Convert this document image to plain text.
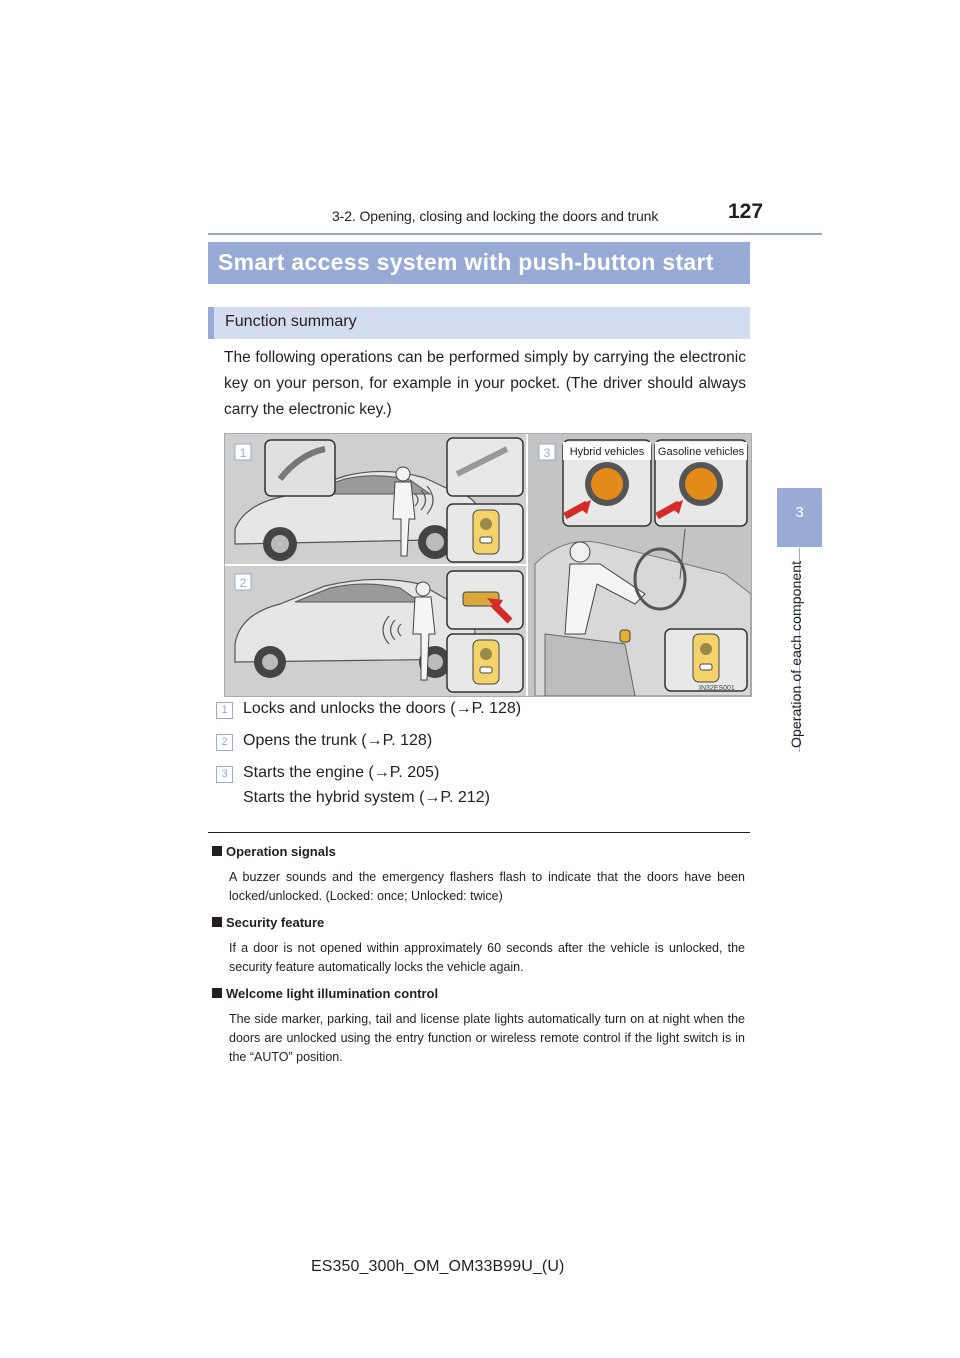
3-2. Opening, closing and locking the doors and trunk	127
3
Operation of each component
Smart access system with push-button start
Function summary
The following operations can be performed simply by carrying the electronic key on your person, for example in your pocket. (The driver should always carry the electronic key.)
1
2
3 Hybrid vehicles Gasoline vehicles
IN32ES001
1 Locks and unlocks the doors (→P. 128)
2 Opens the trunk (→P. 128)
3 Starts the engine (→P. 205)
Starts the hybrid system (→P. 212)
Operation signals
A buzzer sounds and the emergency flashers flash to indicate that the doors have been locked/unlocked. (Locked: once; Unlocked: twice)
Security feature
If a door is not opened within approximately 60 seconds after the vehicle is unlocked, the security feature automatically locks the vehicle again.
Welcome light illumination control
The side marker, parking, tail and license plate lights automatically turn on at night when the doors are unlocked using the entry function or wireless remote control if the light switch is in the “AUTO” position.
ES350_300h_OM_OM33B99U_(U)
